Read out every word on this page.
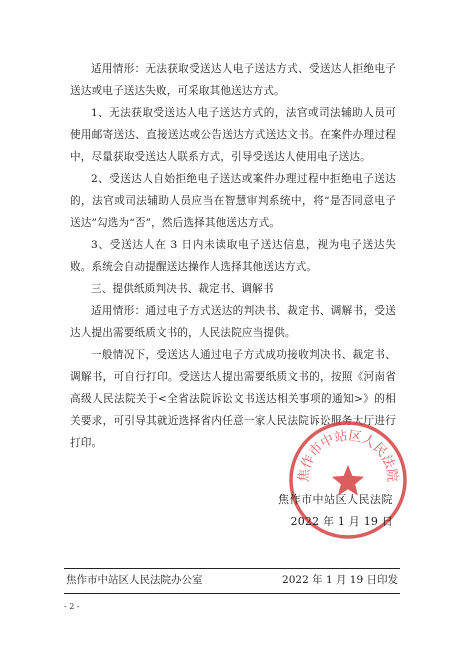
适用情形：无法获取受送达人电子送达方式、受送达人拒绝电子送达或电子送达失败，可采取其他送达方式。

1、无法获取受送达人电子送达方式的，法官或司法辅助人员可使用邮寄送达、直接送达或公告送达方式送达文书。在案件办理过程中，尽量获取受送达人联系方式，引导受送达人使用电子送达。

2、受送达人自始拒绝电子送达或案件办理过程中拒绝电子送达的，法官或司法辅助人员应当在智慧审判系统中，将“是否同意电子送达”勾选为“否”，然后选择其他送达方式。

3、受送达人在 3 日内未读取电子送达信息，视为电子送达失败。系统会自动提醒送达操作人选择其他送达方式。

三、提供纸质判决书、裁定书、调解书

适用情形：通过电子方式送达的判决书、裁定书、调解书，受送达人提出需要纸质文书的，人民法院应当提供。

一般情况下，受送达人通过电子方式成功接收判决书、裁定书、调解书，可自行打印。受送达人提出需要纸质文书的，按照《河南省高级人民法院关于<全省法院诉讼文书送达相关事项的通知>》的相关要求，可引导其就近选择省内任意一家人民法院诉讼服务大厅进行打印。

焦作市中站区人民法院
焦作市中站区人民法院
2022 年 1 月 19 日
焦作市中站区人民法院办公室	2022 年 1 月 19 日印发
- 2 -
